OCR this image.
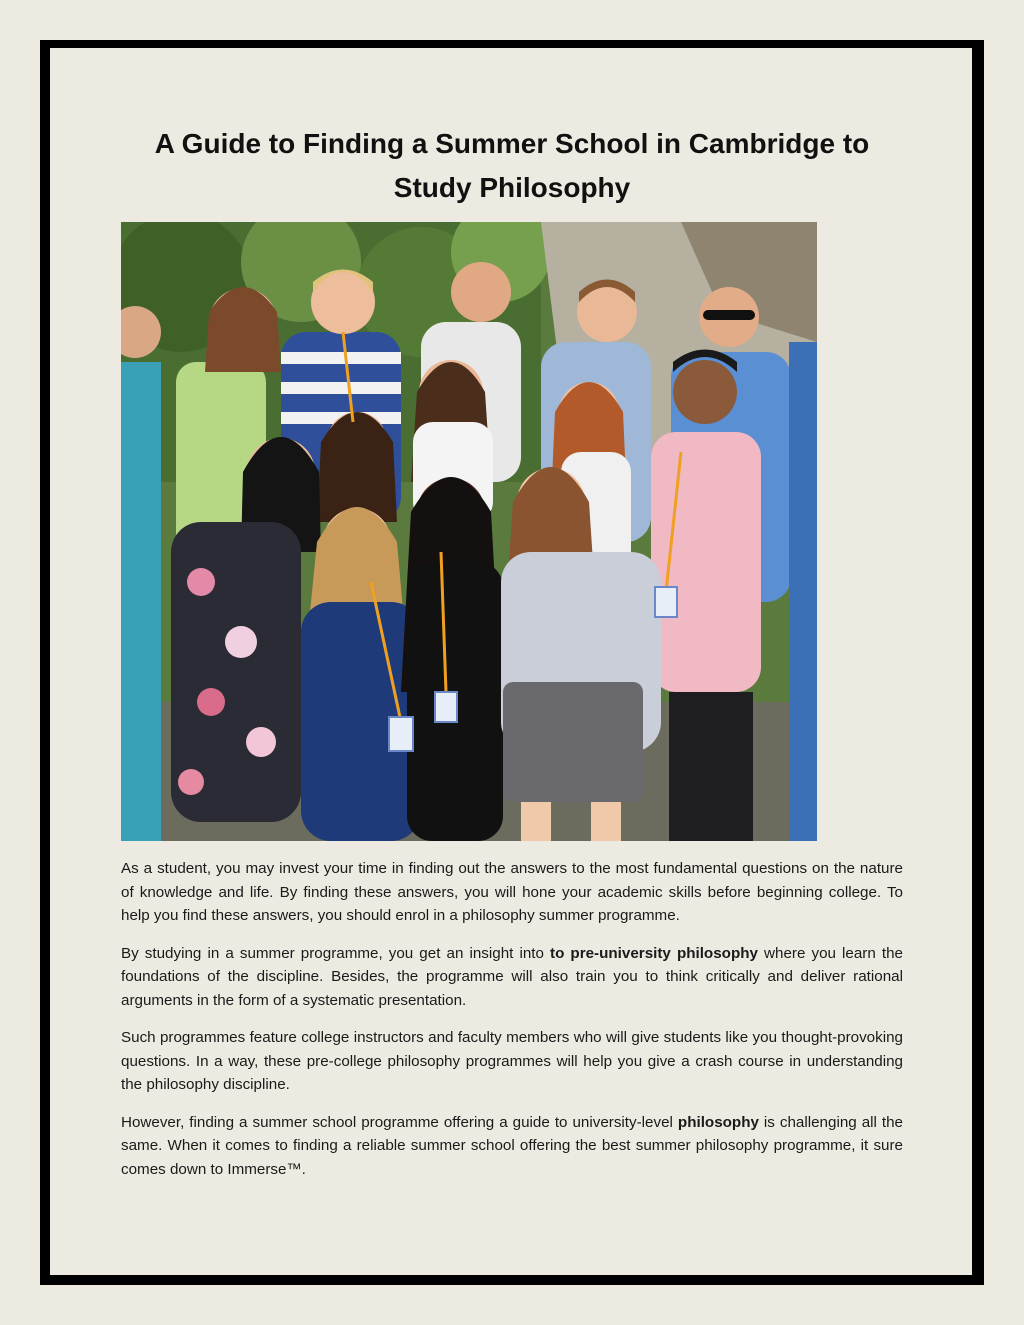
A Guide to Finding a Summer School in Cambridge to Study Philosophy

As a student, you may invest your time in finding out the answers to the most fundamental questions on the nature of knowledge and life. By finding these answers, you will hone your academic skills before beginning college. To help you find these answers, you should enrol in a philosophy summer programme.

By studying in a summer programme, you get an insight into to pre-university philosophy where you learn the foundations of the discipline. Besides, the programme will also train you to think critically and deliver rational arguments in the form of a systematic presentation.

Such programmes feature college instructors and faculty members who will give students like you thought-provoking questions. In a way, these pre-college philosophy programmes will help you give a crash course in understanding the philosophy discipline.

However, finding a summer school programme offering a guide to university-level philosophy is challenging all the same. When it comes to finding a reliable summer school offering the best summer philosophy programme, it sure comes down to Immerse™.
